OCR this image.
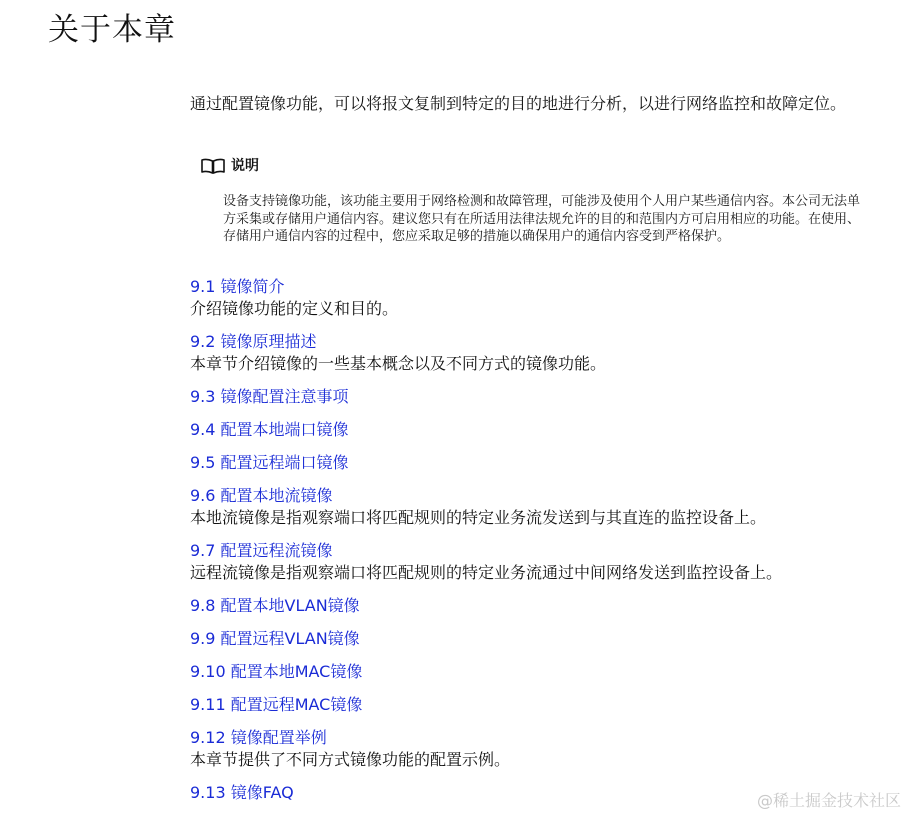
关于本章

通过配置镜像功能，可以将报文复制到特定的目的地进行分析，以进行网络监控和故障定位。

说明

设备支持镜像功能，该功能主要用于网络检测和故障管理，可能涉及使用个人用户某些通信内容。本公司无法单方采集或存储用户通信内容。建议您只有在所适用法律法规允许的目的和范围内方可启用相应的功能。在使用、存储用户通信内容的过程中，您应采取足够的措施以确保用户的通信内容受到严格保护。

9.1 镜像简介
介绍镜像功能的定义和目的。
9.2 镜像原理描述
本章节介绍镜像的一些基本概念以及不同方式的镜像功能。
9.3 镜像配置注意事项
9.4 配置本地端口镜像
9.5 配置远程端口镜像
9.6 配置本地流镜像
本地流镜像是指观察端口将匹配规则的特定业务流发送到与其直连的监控设备上。
9.7 配置远程流镜像
远程流镜像是指观察端口将匹配规则的特定业务流通过中间网络发送到监控设备上。
9.8 配置本地VLAN镜像
9.9 配置远程VLAN镜像
9.10 配置本地MAC镜像
9.11 配置远程MAC镜像
9.12 镜像配置举例
本章节提供了不同方式镜像功能的配置示例。
9.13 镜像FAQ	@稀土掘金技术社区
